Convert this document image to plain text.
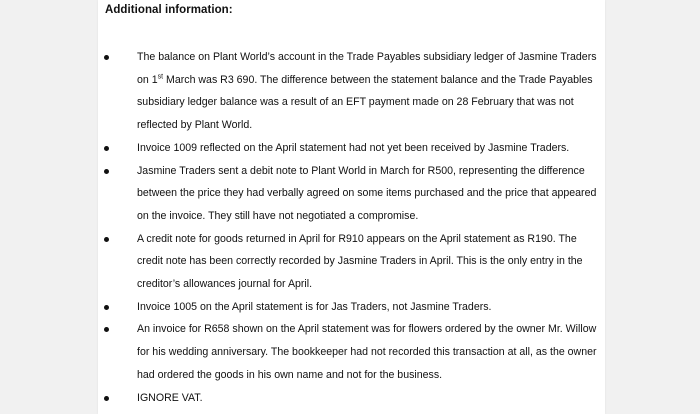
Additional information:
The balance on Plant World’s account in the Trade Payables subsidiary ledger of Jasmine Traders on 1st March was R3 690. The difference between the statement balance and the Trade Payables subsidiary ledger balance was a result of an EFT payment made on 28 February that was not reflected by Plant World.
Invoice 1009 reflected on the April statement had not yet been received by Jasmine Traders.
Jasmine Traders sent a debit note to Plant World in March for R500, representing the difference between the price they had verbally agreed on some items purchased and the price that appeared on the invoice. They still have not negotiated a compromise.
A credit note for goods returned in April for R910 appears on the April statement as R190. The credit note has been correctly recorded by Jasmine Traders in April. This is the only entry in the creditor’s allowances journal for April.
Invoice 1005 on the April statement is for Jas Traders, not Jasmine Traders.
An invoice for R658 shown on the April statement was for flowers ordered by the owner Mr. Willow for his wedding anniversary. The bookkeeper had not recorded this transaction at all, as the owner had ordered the goods in his own name and not for the business.
IGNORE VAT.
